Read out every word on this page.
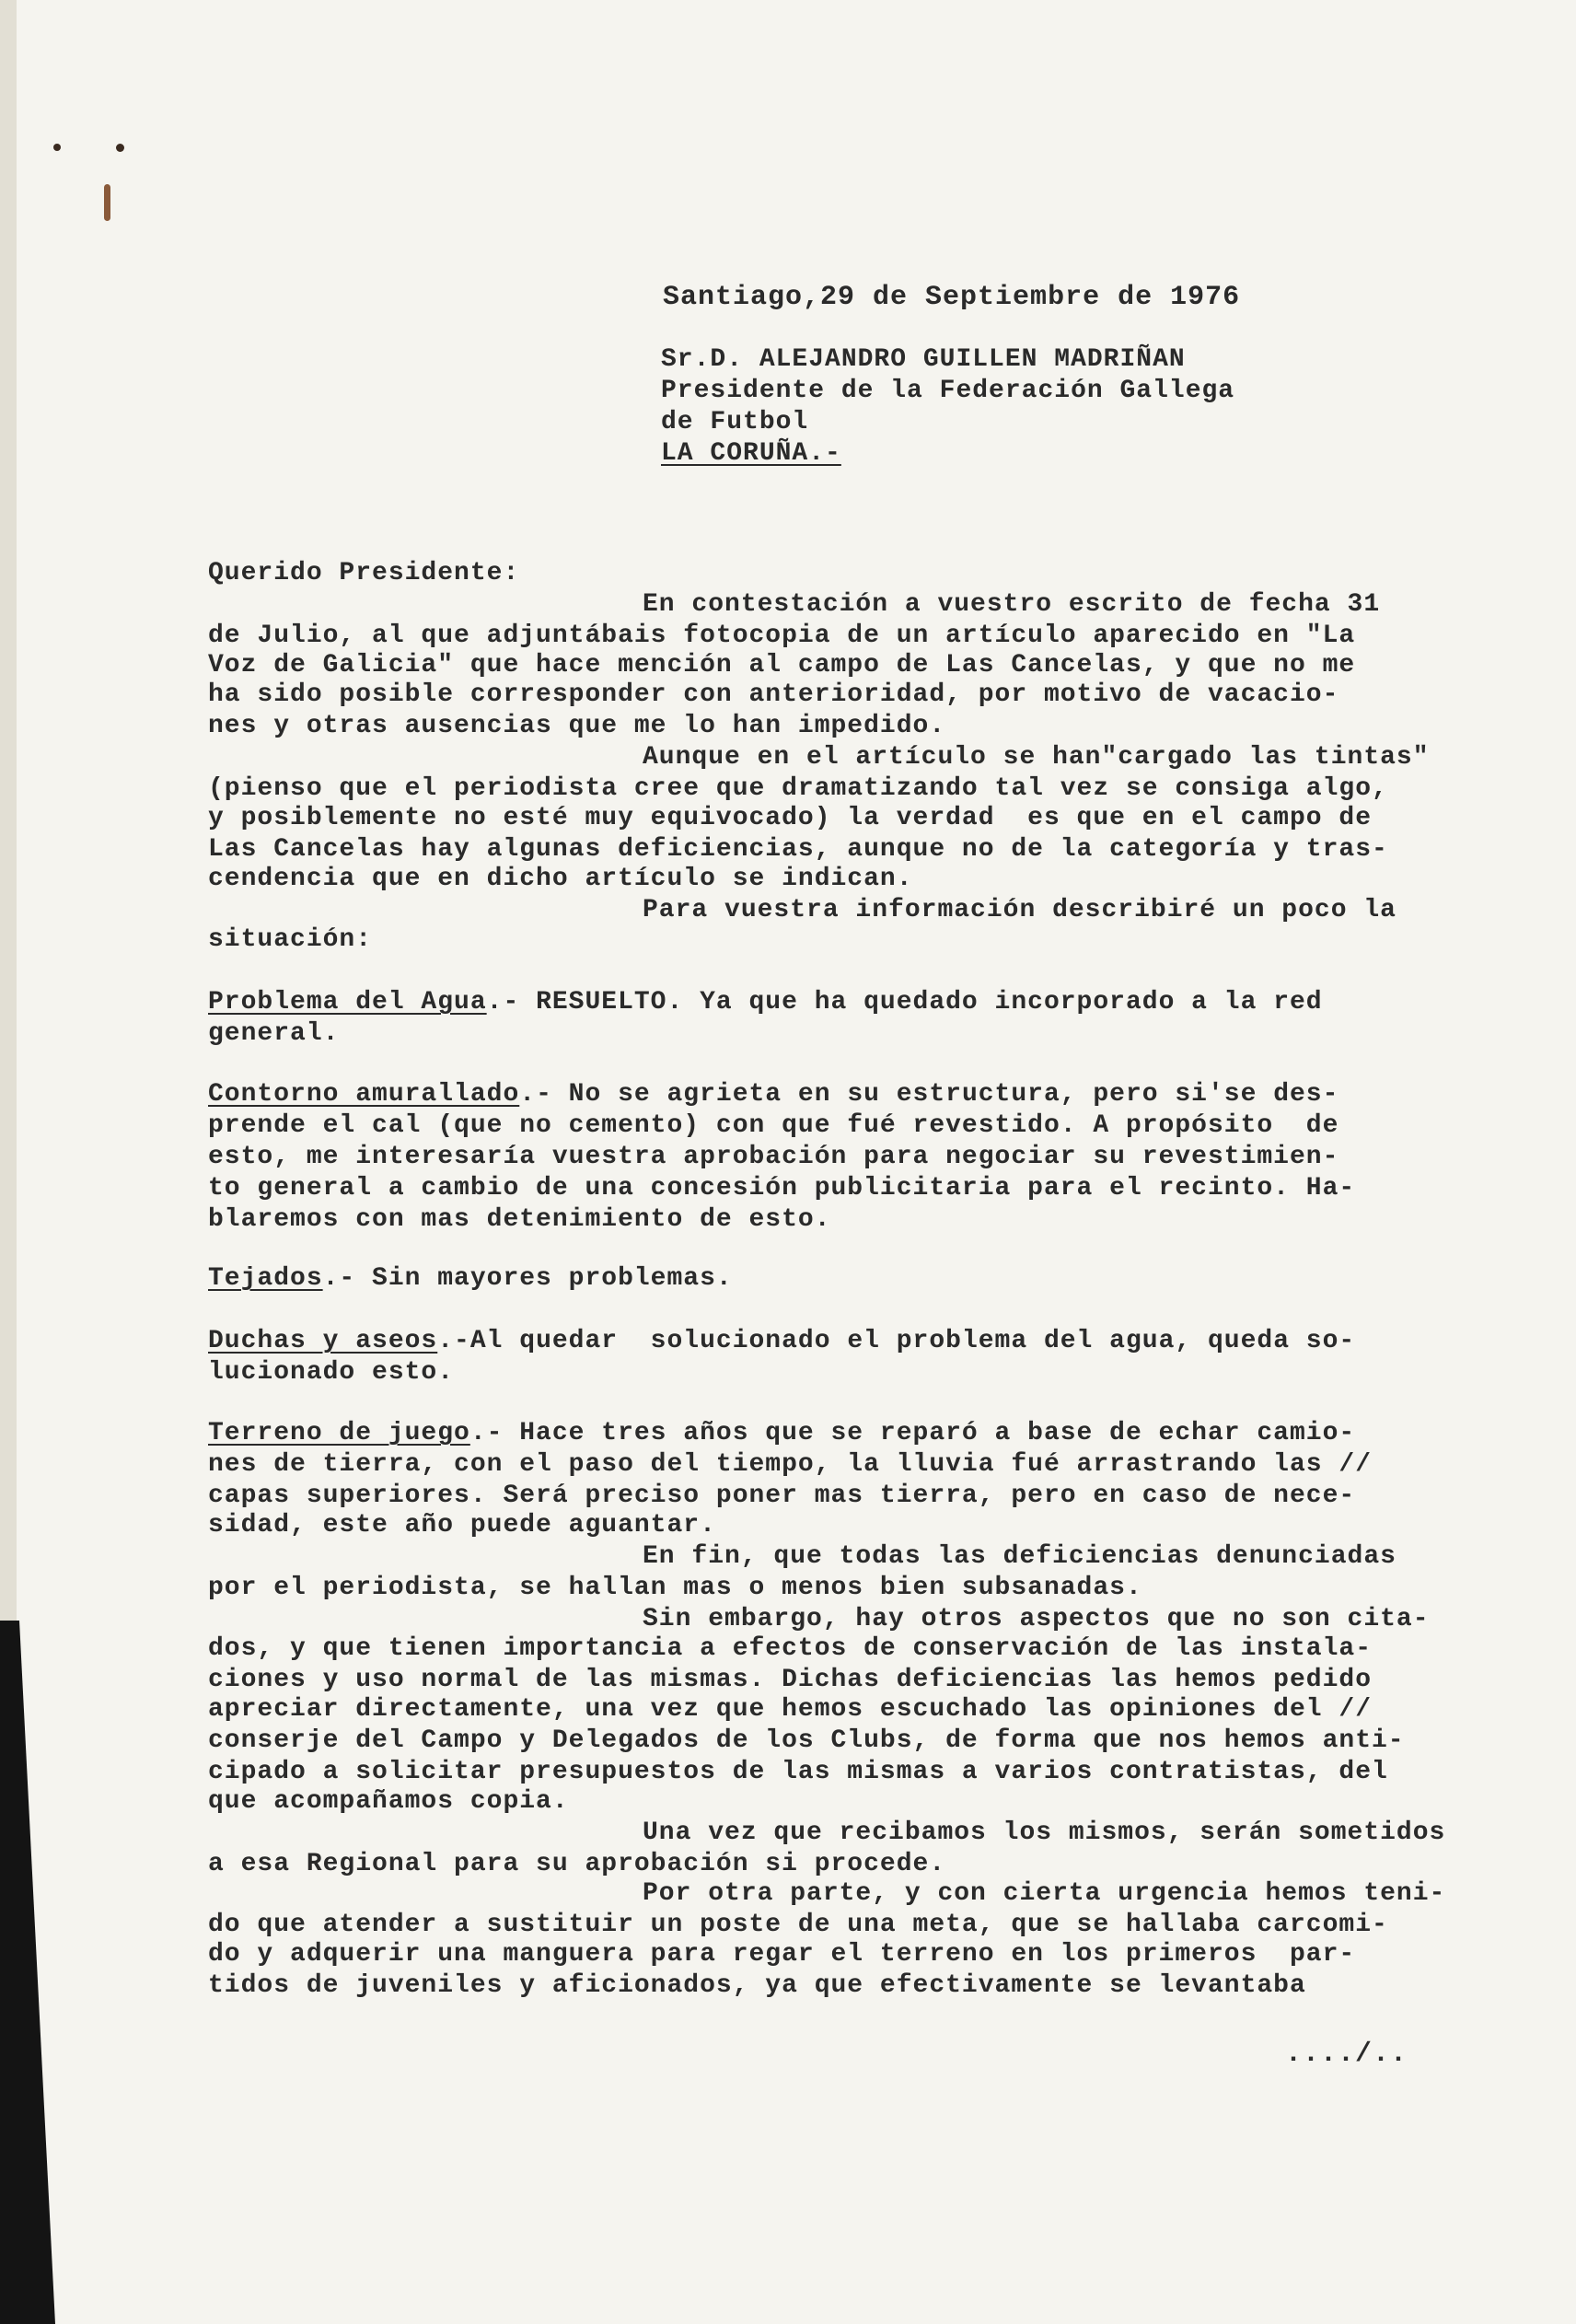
Santiago,29 de Septiembre de 1976
Sr.D. ALEJANDRO GUILLEN MADRIÑAN
Presidente de la Federación Gallega
de Futbol
LA CORUÑA.-
Querido Presidente:
En contestación a vuestro escrito de fecha 31
de Julio, al que adjuntábais fotocopia de un artículo aparecido en "La
Voz de Galicia" que hace mención al campo de Las Cancelas, y que no me
ha sido posible corresponder con anterioridad, por motivo de vacacio-
nes y otras ausencias que me lo han impedido.
Aunque en el artículo se han"cargado las tintas"
(pienso que el periodista cree que dramatizando tal vez se consiga algo,
y posiblemente no esté muy equivocado) la verdad  es que en el campo de
Las Cancelas hay algunas deficiencias, aunque no de la categoría y tras-
cendencia que en dicho artículo se indican.
Para vuestra información describiré un poco la
situación:
Problema del Agua.- RESUELTO. Ya que ha quedado incorporado a la red
general.
Contorno amurallado.- No se agrieta en su estructura, pero si'se des-
prende el cal (que no cemento) con que fué revestido. A propósito  de
esto, me interesaría vuestra aprobación para negociar su revestimien-
to general a cambio de una concesión publicitaria para el recinto. Ha-
blaremos con mas detenimiento de esto.
Tejados.- Sin mayores problemas.
Duchas y aseos.-Al quedar  solucionado el problema del agua, queda so-
lucionado esto.
Terreno de juego.- Hace tres años que se reparó a base de echar camio-
nes de tierra, con el paso del tiempo, la lluvia fué arrastrando las //
capas superiores. Será preciso poner mas tierra, pero en caso de nece-
sidad, este año puede aguantar.
En fin, que todas las deficiencias denunciadas
por el periodista, se hallan mas o menos bien subsanadas.
Sin embargo, hay otros aspectos que no son cita-
dos, y que tienen importancia a efectos de conservación de las instala-
ciones y uso normal de las mismas. Dichas deficiencias las hemos pedido
apreciar directamente, una vez que hemos escuchado las opiniones del //
conserje del Campo y Delegados de los Clubs, de forma que nos hemos anti-
cipado a solicitar presupuestos de las mismas a varios contratistas, del
que acompañamos copia.
Una vez que recibamos los mismos, serán sometidos
a esa Regional para su aprobación si procede.
Por otra parte, y con cierta urgencia hemos teni-
do que atender a sustituir un poste de una meta, que se hallaba carcomi-
do y adquerir una manguera para regar el terreno en los primeros  par-
tidos de juveniles y aficionados, ya que efectivamente se levantaba
..../..
